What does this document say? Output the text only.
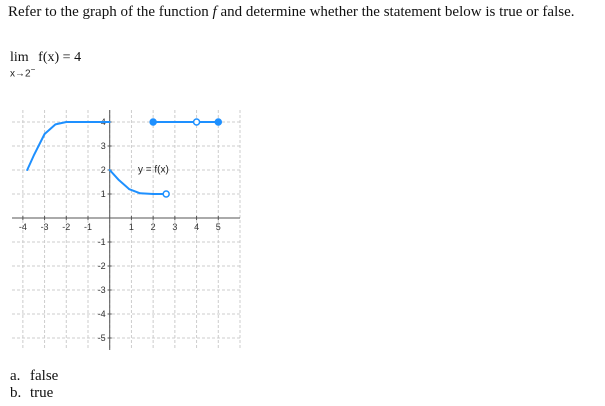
Refer to the graph of the function f and determine whether the statement below is true or false.
lim
x→2−
f(x) = 4
-4 -3 -2 -1	1 2 3 4 5
-5
-4
-3
-2
-1
1
2
3
4
y = f(x)
a. false
b. true
